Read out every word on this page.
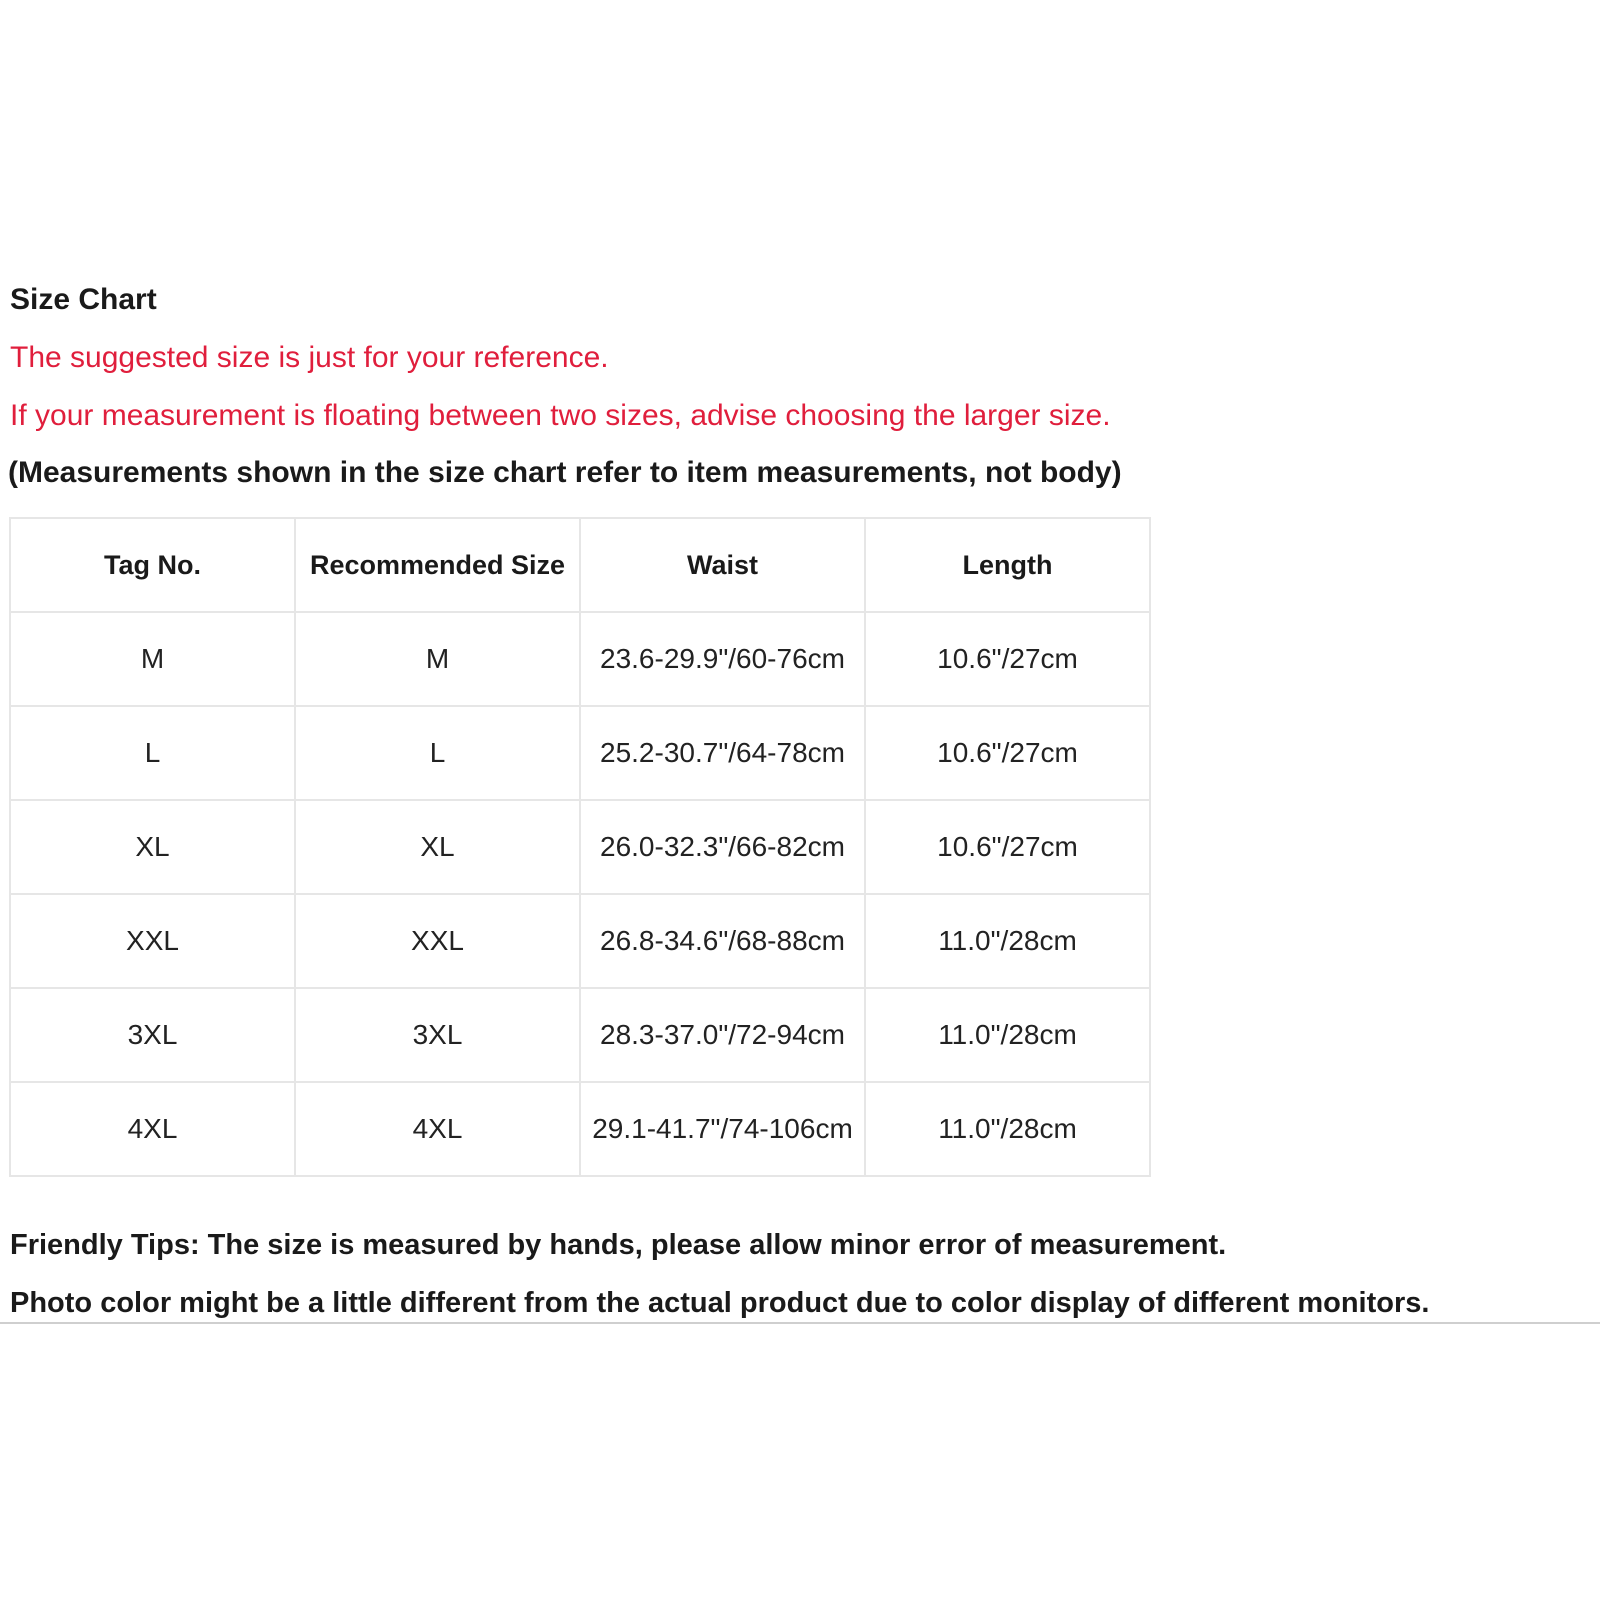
Size Chart
The suggested size is just for your reference.
If your measurement is floating between two sizes, advise choosing the larger size.
(Measurements shown in the size chart refer to item measurements, not body)
Tag No.	Recommended Size	Waist	Length
M	M	23.6-29.9"/60-76cm	10.6"/27cm
L	L	25.2-30.7"/64-78cm	10.6"/27cm
XL	XL	26.0-32.3"/66-82cm	10.6"/27cm
XXL	XXL	26.8-34.6"/68-88cm	11.0"/28cm
3XL	3XL	28.3-37.0"/72-94cm	11.0"/28cm
4XL	4XL	29.1-41.7"/74-106cm	11.0"/28cm
Friendly Tips: The size is measured by hands, please allow minor error of measurement.
Photo color might be a little different from the actual product due to color display of different monitors.
